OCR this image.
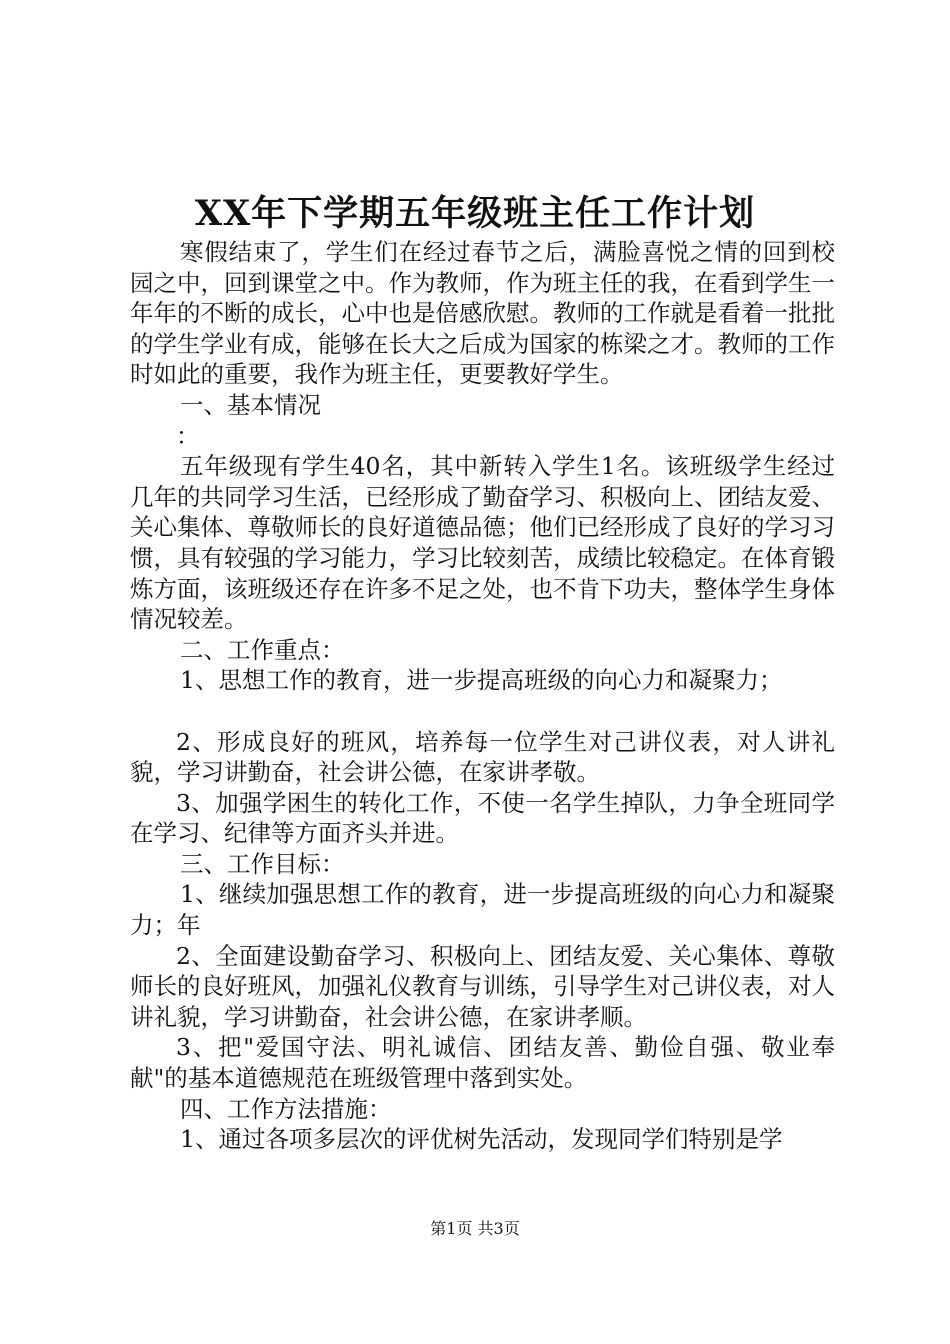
XX年下学期五年级班主任工作计划

寒假结束了，学生们在经过春节之后，满脸喜悦之情的回到校园之中，回到课堂之中。作为教师，作为班主任的我，在看到学生一年年的不断的成长，心中也是倍感欣慰。教师的工作就是看着一批批的学生学业有成，能够在长大之后成为国家的栋梁之才。教师的工作时如此的重要，我作为班主任，更要教好学生。

一、基本情况

：

五年级现有学生40名，其中新转入学生1名。该班级学生经过几年的共同学习生活，已经形成了勤奋学习、积极向上、团结友爱、关心集体、尊敬师长的良好道德品德；他们已经形成了良好的学习习惯，具有较强的学习能力，学习比较刻苦，成绩比较稳定。在体育锻炼方面，该班级还存在许多不足之处，也不肯下功夫，整体学生身体情况较差。

二、工作重点：

1、思想工作的教育，进一步提高班级的向心力和凝聚力；

2、形成良好的班风，培养每一位学生对己讲仪表，对人讲礼貌，学习讲勤奋，社会讲公德，在家讲孝敬。

3、加强学困生的转化工作，不使一名学生掉队，力争全班同学在学习、纪律等方面齐头并进。

三、工作目标：

1、继续加强思想工作的教育，进一步提高班级的向心力和凝聚力；年

2、全面建设勤奋学习、积极向上、团结友爱、关心集体、尊敬师长的良好班风，加强礼仪教育与训练，引导学生对己讲仪表，对人讲礼貌，学习讲勤奋，社会讲公德，在家讲孝顺。

3、把"爱国守法、明礼诚信、团结友善、勤俭自强、敬业奉献"的基本道德规范在班级管理中落到实处。

四、工作方法措施：

1、通过各项多层次的评优树先活动，发现同学们特别是学

第1页 共3页
